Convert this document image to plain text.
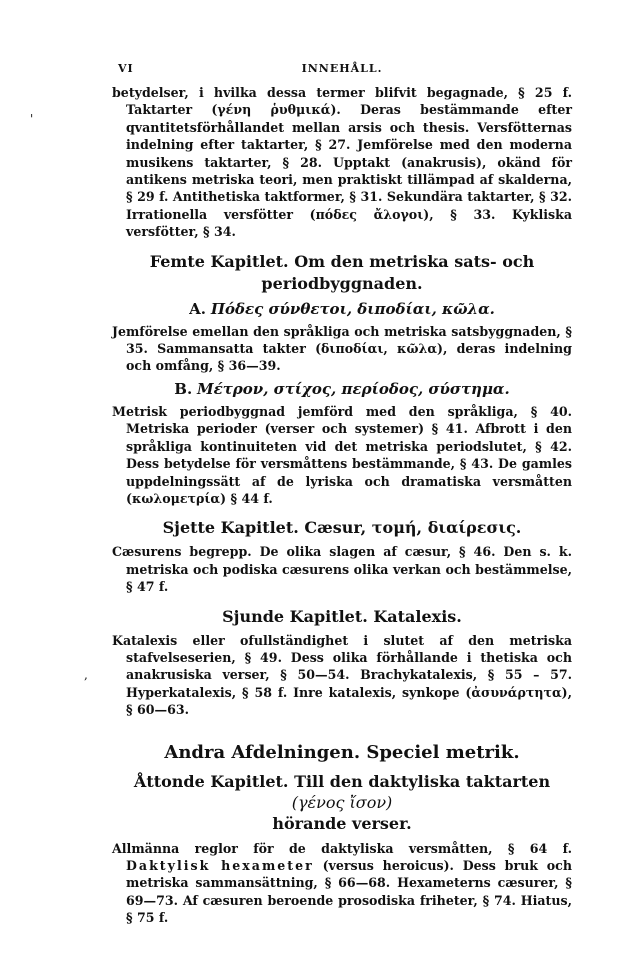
'
,
VI	INNEHÅLL.

betydelser, i hvilka dessa termer blifvit begagnade, § 25 f. Taktarter (γένη ῥυθμικά). Deras bestämmande efter qvantitetsförhållandet mellan arsis och thesis. Versfötternas indelning efter taktarter, § 27. Jemförelse med den moderna musikens taktarter, § 28. Upptakt (anakrusis), okänd för antikens metriska teori, men praktiskt tillämpad af skalderna, § 29 f. Antithetiska taktformer, § 31. Sekundära taktarter, § 32. Irrationella versfötter (πόδες ἄλογοι), § 33. Kykliska versfötter, § 34.

Femte Kapitlet. Om den metriska sats- och periodbyggnaden.
A. Πόδες σύνθετοι, διποδίαι, κῶλα.

Jemförelse emellan den språkliga och metriska satsbyggnaden, § 35. Sammansatta takter (διποδίαι, κῶλα), deras indelning och omfång, § 36—39.

B. Μέτρον, στίχος, περίοδος, σύστημα.

Metrisk periodbyggnad jemförd med den språkliga, § 40. Metriska perioder (verser och systemer) § 41. Afbrott i den språkliga kontinuiteten vid det metriska periodslutet, § 42. Dess betydelse för versmåttens bestämmande, § 43. De gamles uppdelningssätt af de lyriska och dramatiska versmåtten (κωλομετρία) § 44 f.

Sjette Kapitlet. Cæsur, τομή, διαίρεσις.

Cæsurens begrepp. De olika slagen af cæsur, § 46. Den s. k. metriska och podiska cæsurens olika verkan och bestämmelse, § 47 f.

Sjunde Kapitlet. Katalexis.

Katalexis eller ofullständighet i slutet af den metriska stafvelseserien, § 49. Dess olika förhållande i thetiska och anakrusiska verser, § 50—54. Brachykatalexis, § 55 – 57. Hyperkatalexis, § 58 f. Inre katalexis, synkope (ἀσυνάρτητα), § 60—63.

Andra Afdelningen. Speciel metrik.
Åttonde Kapitlet. Till den daktyliska taktarten (γένος ἴσον)
hörande verser.

Allmänna reglor för de daktyliska versmåtten, § 64 f. Daktylisk hexameter (versus heroicus). Dess bruk och metriska sammansättning, § 66—68. Hexameterns cæsurer, § 69—73. Af cæsuren beroende prosodiska friheter, § 74. Hiatus, § 75 f.
